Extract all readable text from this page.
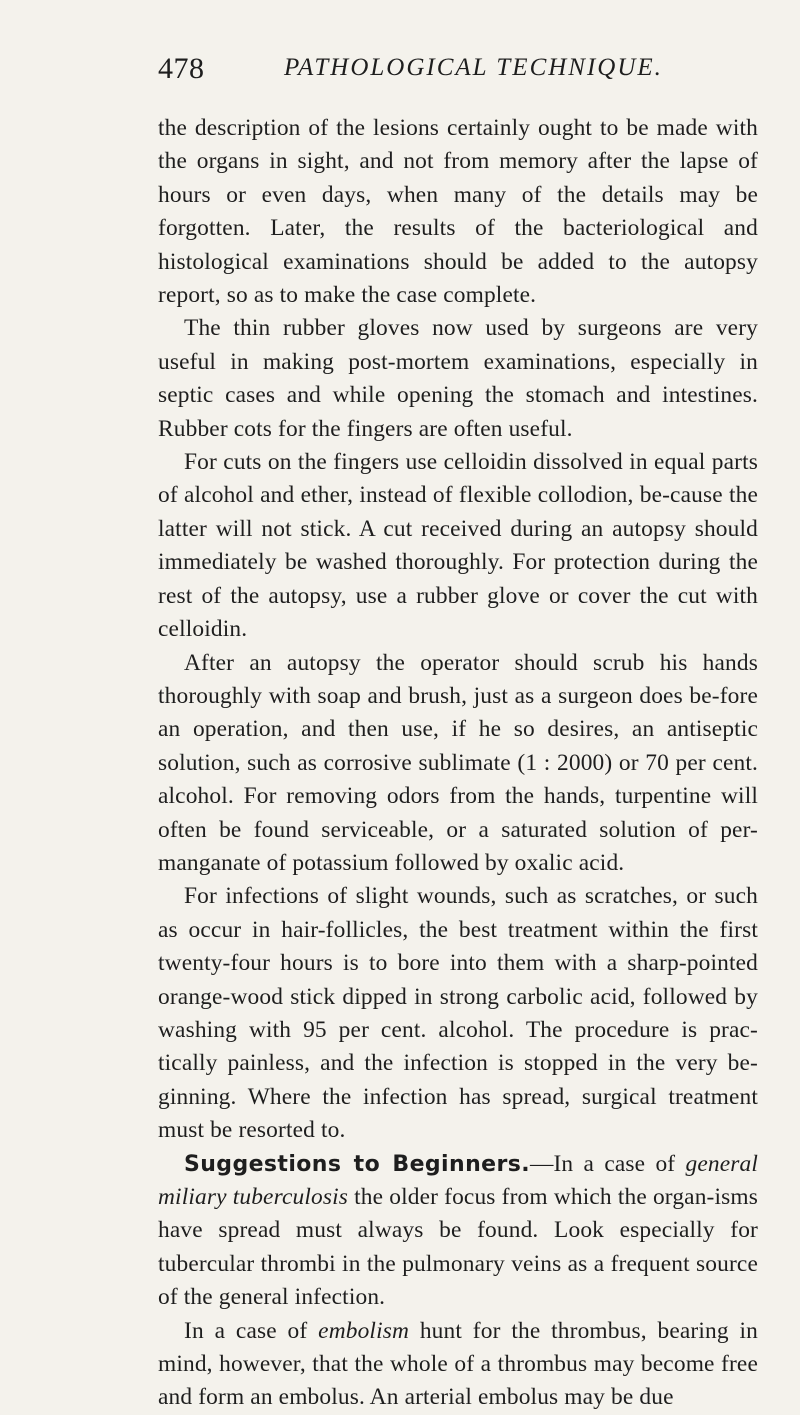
478	PATHOLOGICAL TECHNIQUE.

the description of the lesions certainly ought to be made with the organs in sight, and not from memory after the lapse of hours or even days, when many of the details may be forgotten. Later, the results of the bacteriological and histological examinations should be added to the autopsy report, so as to make the case complete.

The thin rubber gloves now used by surgeons are very useful in making post-mortem examinations, especially in septic cases and while opening the stomach and intestines. Rubber cots for the fingers are often useful.

For cuts on the fingers use celloidin dissolved in equal parts of alcohol and ether, instead of flexible collodion, be-cause the latter will not stick. A cut received during an autopsy should immediately be washed thoroughly. For protection during the rest of the autopsy, use a rubber glove or cover the cut with celloidin.

After an autopsy the operator should scrub his hands thoroughly with soap and brush, just as a surgeon does be-fore an operation, and then use, if he so desires, an antiseptic solution, such as corrosive sublimate (1 : 2000) or 70 per cent. alcohol. For removing odors from the hands, turpentine will often be found serviceable, or a saturated solution of per-manganate of potassium followed by oxalic acid.

For infections of slight wounds, such as scratches, or such as occur in hair-follicles, the best treatment within the first twenty-four hours is to bore into them with a sharp-pointed orange-wood stick dipped in strong carbolic acid, followed by washing with 95 per cent. alcohol. The procedure is prac-tically painless, and the infection is stopped in the very be-ginning. Where the infection has spread, surgical treatment must be resorted to.

Suggestions to Beginners.—In a case of general miliary tuberculosis the older focus from which the organ-isms have spread must always be found. Look especially for tubercular thrombi in the pulmonary veins as a frequent source of the general infection.

In a case of embolism hunt for the thrombus, bearing in mind, however, that the whole of a thrombus may become free and form an embolus. An arterial embolus may be due
